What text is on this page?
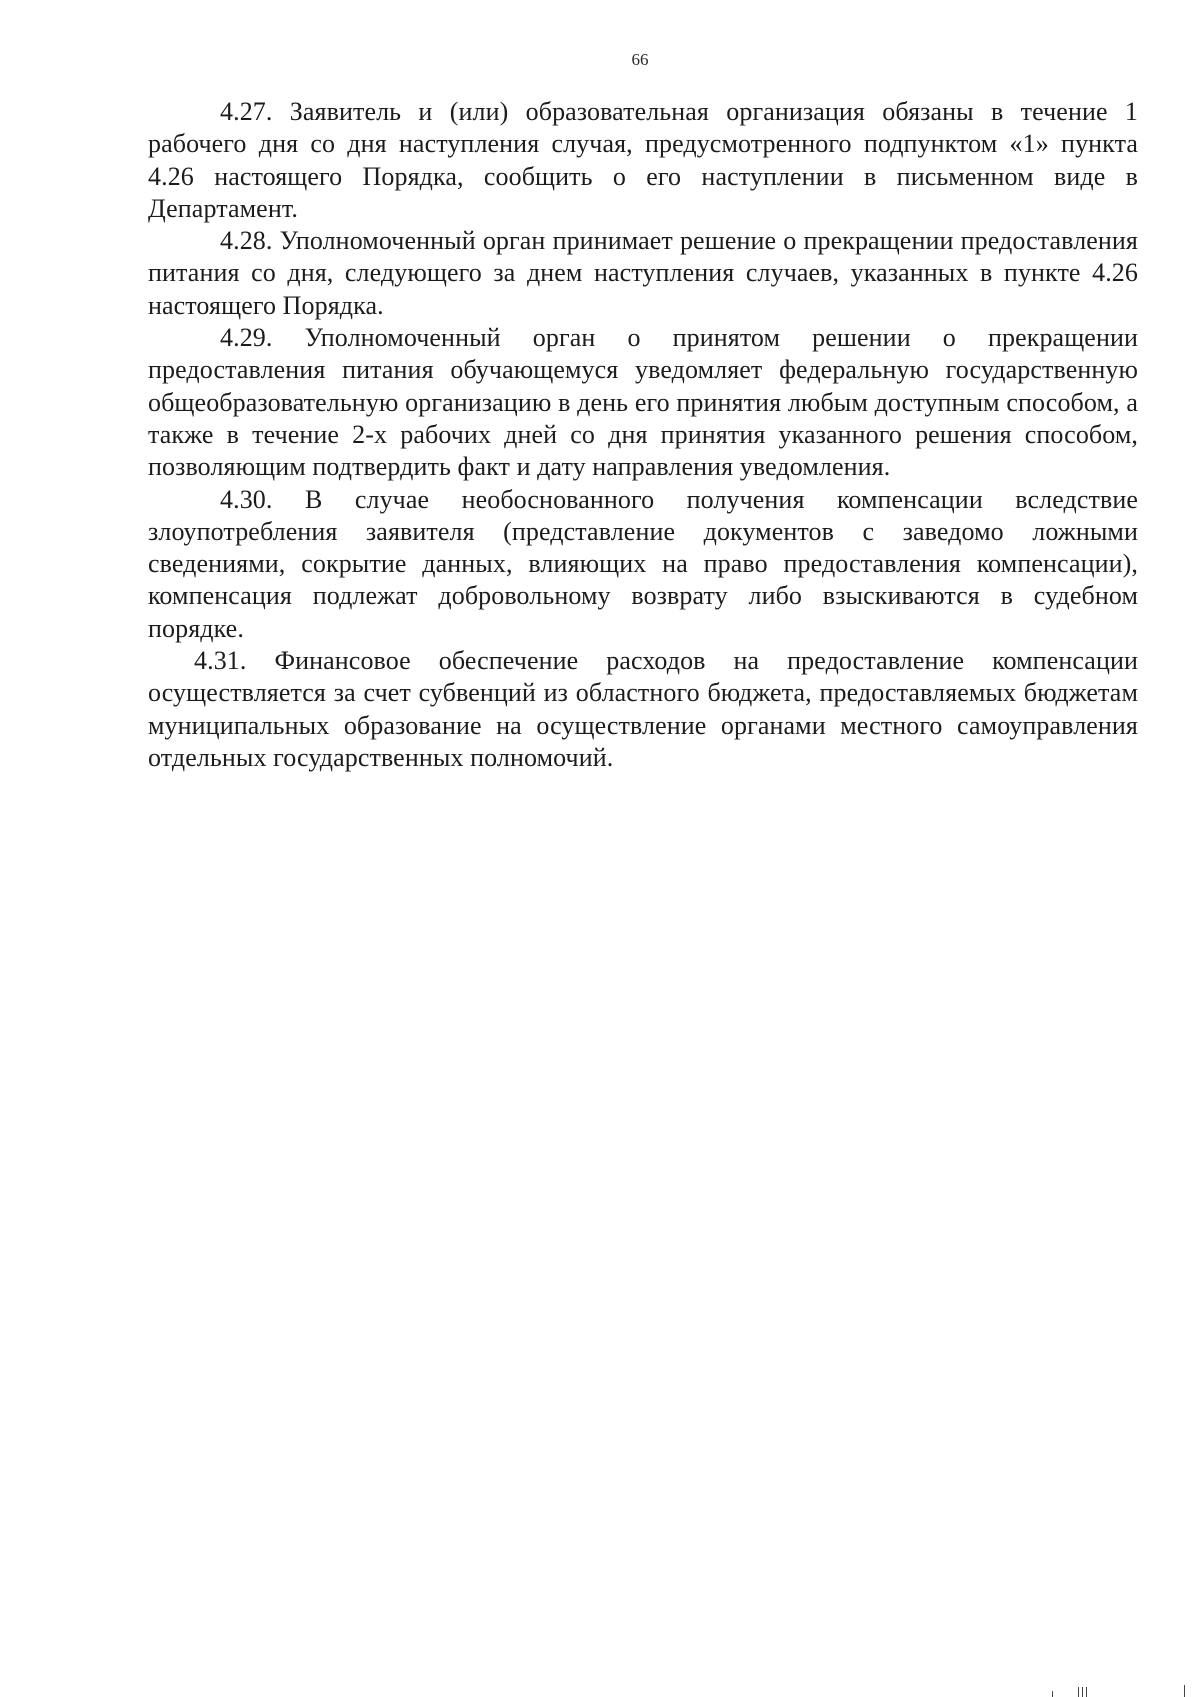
66

4.27. Заявитель и (или) образовательная организация обязаны в течение 1 рабочего дня со дня наступления случая, предусмотренного подпунктом «1» пункта 4.26 настоящего Порядка, сообщить о его наступлении в письменном виде в Департамент.

4.28. Уполномоченный орган принимает решение о прекращении предоставления питания со дня, следующего за днем наступления случаев, указанных в пункте 4.26 настоящего Порядка.

4.29. Уполномоченный орган о принятом решении о прекращении предоставления питания обучающемуся уведомляет федеральную государственную общеобразовательную организацию в день его принятия любым доступным способом, а также в течение 2-х рабочих дней со дня принятия указанного решения способом, позволяющим подтвердить факт и дату направления уведомления.

4.30. В случае необоснованного получения компенсации вследствие злоупотребления заявителя (представление документов с заведомо ложными сведениями, сокрытие данных, влияющих на право предоставления компенсации), компенсация подлежат добровольному возврату либо взыскиваются в судебном порядке.

4.31. Финансовое обеспечение расходов на предоставление компенсации осуществляется за счет субвенций из областного бюджета, предоставляемых бюджетам муниципальных образование на осуществление органами местного самоуправления отдельных государственных полномочий.
